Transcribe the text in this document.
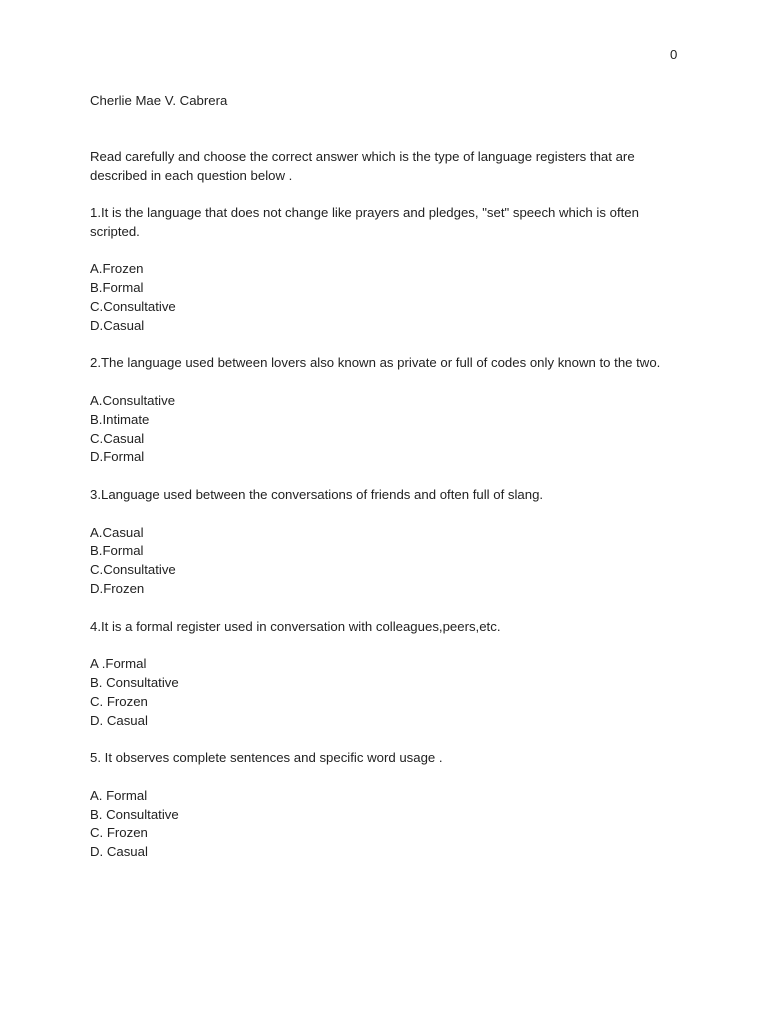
0
Cherlie Mae V. Cabrera
Read carefully and choose the correct answer which is the type of language registers that are described in each question below .
1.It is the language that does not change like prayers and pledges, "set" speech which is often scripted.
A.Frozen
B.Formal
C.Consultative
D.Casual
2.The language used between lovers also known as private or full of codes only known to the two.
A.Consultative
B.Intimate
C.Casual
D.Formal
3.Language used between the conversations of friends and often full of slang.
A.Casual
B.Formal
C.Consultative
D.Frozen
4.It is a formal register used in conversation with colleagues,peers,etc.
A .Formal
B. Consultative
C. Frozen
D. Casual
5. It observes complete sentences and specific word usage .
A. Formal
B. Consultative
C. Frozen
D. Casual
